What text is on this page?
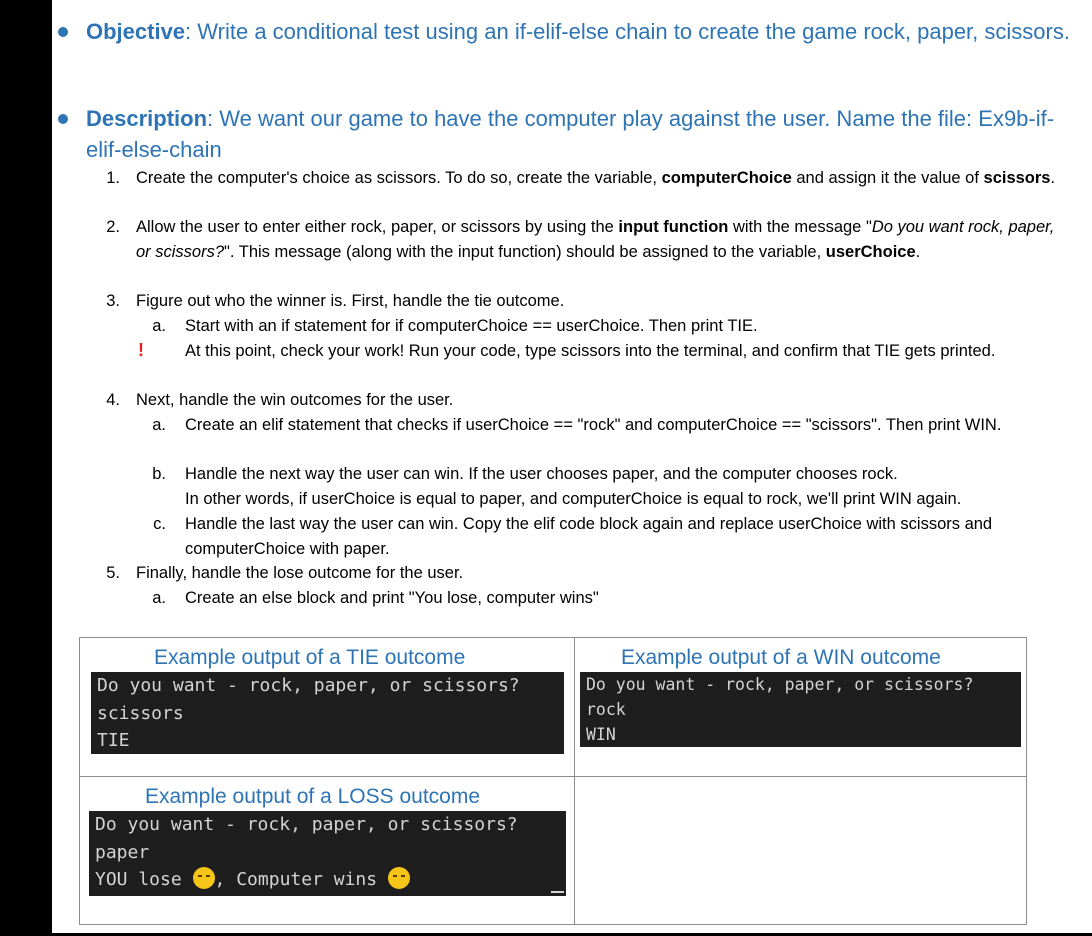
Objective: Write a conditional test using an if-elif-else chain to create the game rock, paper, scissors.
Description: We want our game to have the computer play against the user. Name the file: Ex9b-if-elif-else-chain
1. Create the computer's choice as scissors. To do so, create the variable, computerChoice and assign it the value of scissors.
2. Allow the user to enter either rock, paper, or scissors by using the input function with the message "Do you want rock, paper, or scissors?". This message (along with the input function) should be assigned to the variable, userChoice.
3. Figure out who the winner is. First, handle the tie outcome.
a. Start with an if statement for if computerChoice == userChoice. Then print TIE.
! At this point, check your work! Run your code, type scissors into the terminal, and confirm that TIE gets printed.
4. Next, handle the win outcomes for the user.
a. Create an elif statement that checks if userChoice == "rock" and computerChoice == "scissors". Then print WIN.
b. Handle the next way the user can win. If the user chooses paper, and the computer chooses rock.
In other words, if userChoice is equal to paper, and computerChoice is equal to rock, we'll print WIN again.
c. Handle the last way the user can win. Copy the elif code block again and replace userChoice with scissors and computerChoice with paper.
5. Finally, handle the lose outcome for the user.
a. Create an else block and print "You lose, computer wins"
Example output of a TIE outcome
Do you want - rock, paper, or scissors?
scissors
TIE
Example output of a WIN outcome
Do you want - rock, paper, or scissors?
rock
WIN
Example output of a LOSS outcome
Do you want - rock, paper, or scissors?
paper
YOU lose , Computer wins
